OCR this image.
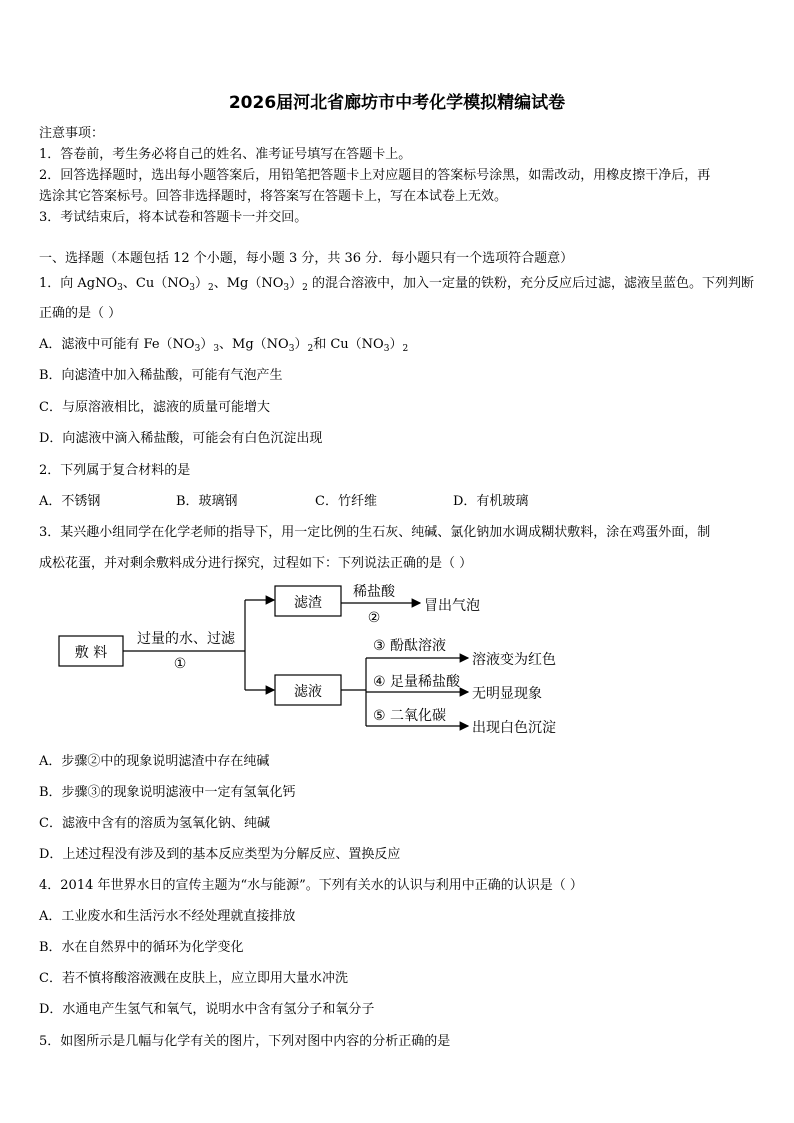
2026届河北省廊坊市中考化学模拟精编试卷
注意事项：
1．答卷前，考生务必将自己的姓名、准考证号填写在答题卡上。
2．回答选择题时，选出每小题答案后，用铅笔把答题卡上对应题目的答案标号涂黑，如需改动，用橡皮擦干净后，再
选涂其它答案标号。回答非选择题时，将答案写在答题卡上，写在本试卷上无效。
3．考试结束后，将本试卷和答题卡一并交回。
一、选择题（本题包括 12 个小题，每小题 3 分，共 36 分．每小题只有一个选项符合题意）
1．向 AgNO$_3$、$Cu(NO_3)_2$、$Mg(NO_3)_2$ 的混合溶液中，加入一定量的铁粉，充分反应后过滤，滤液呈蓝色。下列判断
正确的是（ ）
A．滤液中可能有 $Fe(NO_3)_3$、$Mg(NO_3)_2$和 $Cu(NO_3)_2$
B．向滤渣中加入稀盐酸，可能有气泡产生
C．与原溶液相比，滤液的质量可能增大
D．向滤液中滴入稀盐酸，可能会有白色沉淀出现
2．下列属于复合材料的是
A．不锈钢	B．玻璃钢	C．竹纤维	D．有机玻璃
3．某兴趣小组同学在化学老师的指导下，用一定比例的生石灰、纯碱、氯化钠加水调成糊状敷料，涂在鸡蛋外面，制
成松花蛋，并对剩余敷料成分进行探究，过程如下：下列说法正确的是（ ）
敷 料
过量的水、过滤
①
滤渣
稀盐酸
②
冒出气泡
滤液
③ 酚酞溶液
溶液变为红色
④ 足量稀盐酸
无明显现象
⑤ 二氧化碳
出现白色沉淀
A．步骤②中的现象说明滤渣中存在纯碱
B．步骤③的现象说明滤液中一定有氢氧化钙
C．滤液中含有的溶质为氢氧化钠、纯碱
D．上述过程没有涉及到的基本反应类型为分解反应、置换反应
4．2014 年世界水日的宣传主题为“水与能源”。下列有关水的认识与利用中正确的认识是（ ）
A．工业废水和生活污水不经处理就直接排放
B．水在自然界中的循环为化学变化
C．若不慎将酸溶液溅在皮肤上，应立即用大量水冲洗
D．水通电产生氢气和氧气，说明水中含有氢分子和氧分子
5．如图所示是几幅与化学有关的图片，下列对图中内容的分析正确的是
